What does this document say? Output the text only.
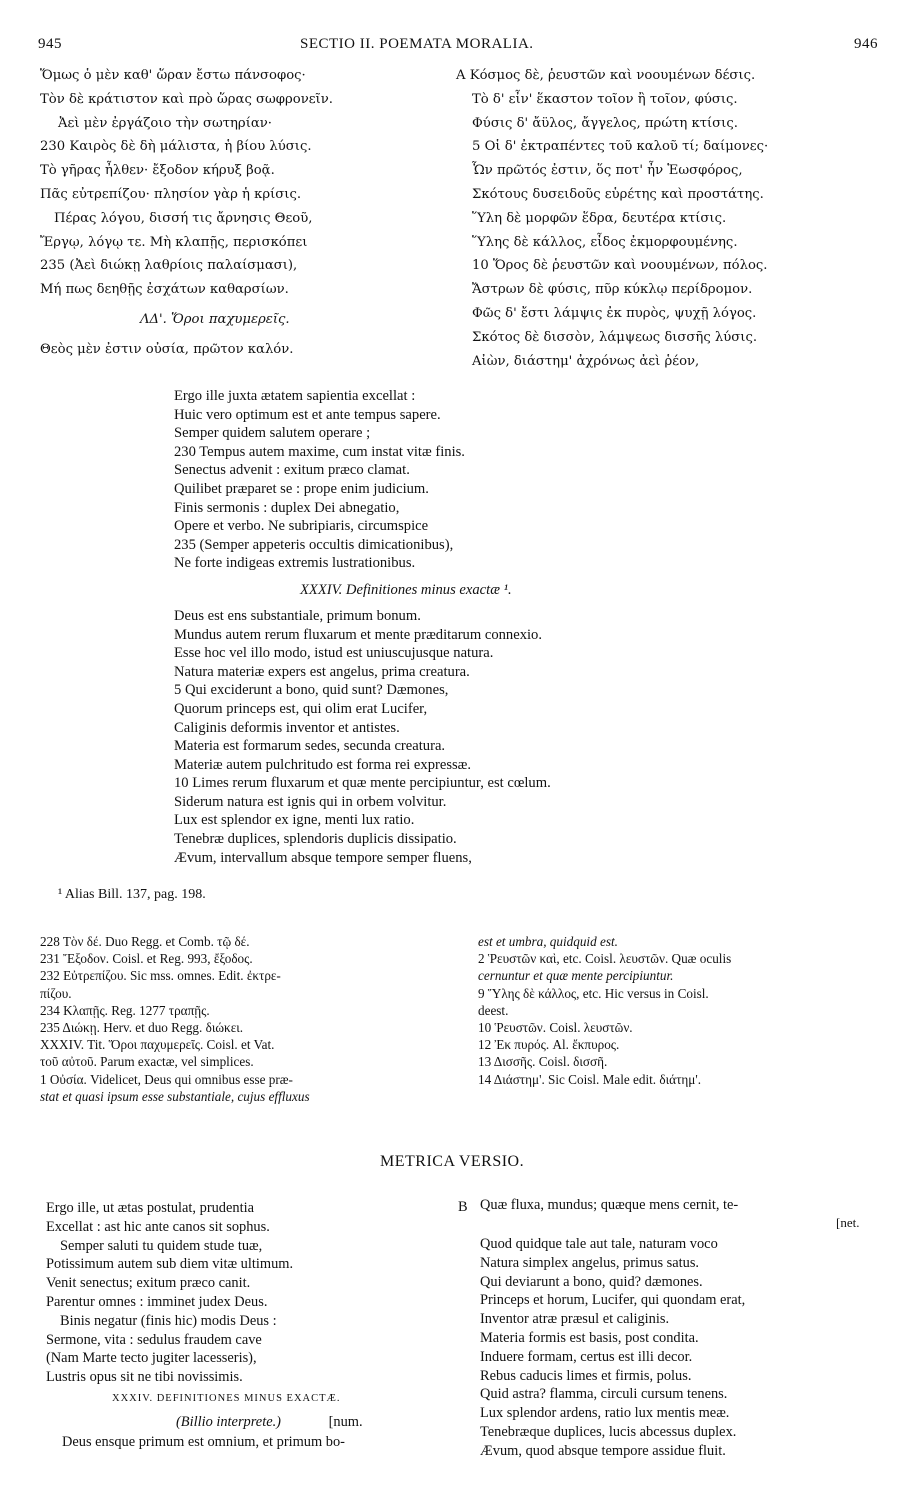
945	SECTIO II. POEMATA MORALIA.	946
Ὅμως ὁ μὲν καθ' ὥραν ἔστω πάνσοφος·
Τὸν δὲ κράτιστον καὶ πρὸ ὥρας σωφρονεῖν.
Ἀεὶ μὲν ἐργάζοιο τὴν σωτηρίαν·
230 Καιρὸς δὲ δὴ μάλιστα, ἡ βίου λύσις.
Τὸ γῆρας ἦλθεν· ἔξοδον κήρυξ βοᾷ.
Πᾶς εὐτρεπίζου· πλησίον γὰρ ἡ κρίσις.
Πέρας λόγου, δισσή τις ἄρνησις Θεοῦ,
Ἔργῳ, λόγῳ τε. Μὴ κλαπῇς, περισκόπει
235 (Ἀεὶ διώκῃ λαθρίοις παλαίσμασι),
Μή πως δεηθῇς ἐσχάτων καθαρσίων.
ΛΔ'. Ὅροι παχυμερεῖς.
Θεὸς μὲν ἐστιν οὐσία, πρῶτον καλόν.
A Κόσμος δὲ, ῥευστῶν καὶ νοουμένων δέσις.
Τὸ δ' εἶν' ἕκαστον τοῖον ἢ τοῖον, φύσις.
Φύσις δ' ἄϋλος, ἄγγελος, πρώτη κτίσις.
5 Οἱ δ' ἐκτραπέντες τοῦ καλοῦ τί; δαίμονες·
Ὧν πρῶτός ἐστιν, ὅς ποτ' ἦν Ἑωσφόρος,
Σκότους δυσειδοῦς εὑρέτης καὶ προστάτης.
Ὕλη δὲ μορφῶν ἕδρα, δευτέρα κτίσις.
Ὕλης δὲ κάλλος, εἶδος ἐκμορφουμένης.
10 Ὅρος δὲ ῥευστῶν καὶ νοουμένων, πόλος.
Ἄστρων δὲ φύσις, πῦρ κύκλῳ περίδρομον.
Φῶς δ' ἔστι λάμψις ἐκ πυρὸς, ψυχῇ λόγος.
Σκότος δὲ δισσὸν, λάμψεως δισσῆς λύσις.
Αἰὼν, διάστημ' ἀχρόνως ἀεὶ ῥέον,
Ergo ille juxta ætatem sapientia excellat :
Huic vero optimum est et ante tempus sapere.
Semper quidem salutem operare ;
230 Tempus autem maxime, cum instat vitæ finis.
Senectus advenit : exitum præco clamat.
Quilibet præparet se : prope enim judicium.
Finis sermonis : duplex Dei abnegatio,
Opere et verbo. Ne subripiaris, circumspice
235 (Semper appeteris occultis dimicationibus),
Ne forte indigeas extremis lustrationibus.
XXXIV. Definitiones minus exactæ ¹.
Deus est ens substantiale, primum bonum.
Mundus autem rerum fluxarum et mente præditarum connexio.
Esse hoc vel illo modo, istud est uniuscujusque natura.
Natura materiæ expers est angelus, prima creatura.
5 Qui exciderunt a bono, quid sunt? Dæmones,
Quorum princeps est, qui olim erat Lucifer,
Caliginis deformis inventor et antistes.
Materia est formarum sedes, secunda creatura.
Materiæ autem pulchritudo est forma rei expressæ.
10 Limes rerum fluxarum et quæ mente percipiuntur, est cœlum.
Siderum natura est ignis qui in orbem volvitur.
Lux est splendor ex igne, menti lux ratio.
Tenebræ duplices, splendoris duplicis dissipatio.
Ævum, intervallum absque tempore semper fluens,
¹ Alias Bill. 137, pag. 198.
228 Τὸν δέ. Duo Regg. et Comb. τῷ δέ.
231 Ἔξοδον. Coisl. et Reg. 993, ἔξοδος.
232 Εὐτρεπίζου. Sic mss. omnes. Edit. ἐκτρε-
πίζου.
234 Κλαπῇς. Reg. 1277 τραπῇς.
235 Διώκῃ. Herv. et duo Regg. διώκει.
XXXIV. Tit. Ὅροι παχυμερεῖς. Coisl. et Vat.
τοῦ αὐτοῦ. Parum exactæ, vel simplices.
1 Οὐσία. Videlicet, Deus qui omnibus esse præ-
stat et quasi ipsum esse substantiale, cujus effluxus
est et umbra, quidquid est.
2 Ῥευστῶν καὶ, etc. Coisl. λευστῶν. Quæ oculis
cernuntur et quæ mente percipiuntur.
9 Ὕλης δὲ κάλλος, etc. Hic versus in Coisl.
deest.
10 Ῥευστῶν. Coisl. λευστῶν.
12 Ἐκ πυρός. Al. ἔκπυρος.
13 Δισσῆς. Coisl. δισσῆ.
14 Διάστημ'. Sic Coisl. Male edit. διάτημ'.
METRICA VERSIO.
Ergo ille, ut ætas postulat, prudentia
Excellat : ast hic ante canos sit sophus.
Semper saluti tu quidem stude tuæ,
Potissimum autem sub diem vitæ ultimum.
Venit senectus; exitum præco canit.
Parentur omnes : imminet judex Deus.
Binis negatur (finis hic) modis Deus :
Sermone, vita : sedulus fraudem cave
(Nam Marte tecto jugiter lacesseris),
Lustris opus sit ne tibi novissimis.
XXXIV. DEFINITIONES MINUS EXACTÆ.
(Billio interprete.)	[num.
Deus ensque primum est omnium, et primum bo-
B Quæ fluxa, mundus; quæque mens cernit, te-
[net.
Quod quidque tale aut tale, naturam voco
Natura simplex angelus, primus satus.
Qui deviarunt a bono, quid? dæmones.
Princeps et horum, Lucifer, qui quondam erat,
Inventor atræ præsul et caliginis.
Materia formis est basis, post condita.
Induere formam, certus est illi decor.
Rebus caducis limes et firmis, polus.
Quid astra? flamma, circuli cursum tenens.
Lux splendor ardens, ratio lux mentis meæ.
Tenebræque duplices, lucis abcessus duplex.
Ævum, quod absque tempore assidue fluit.
